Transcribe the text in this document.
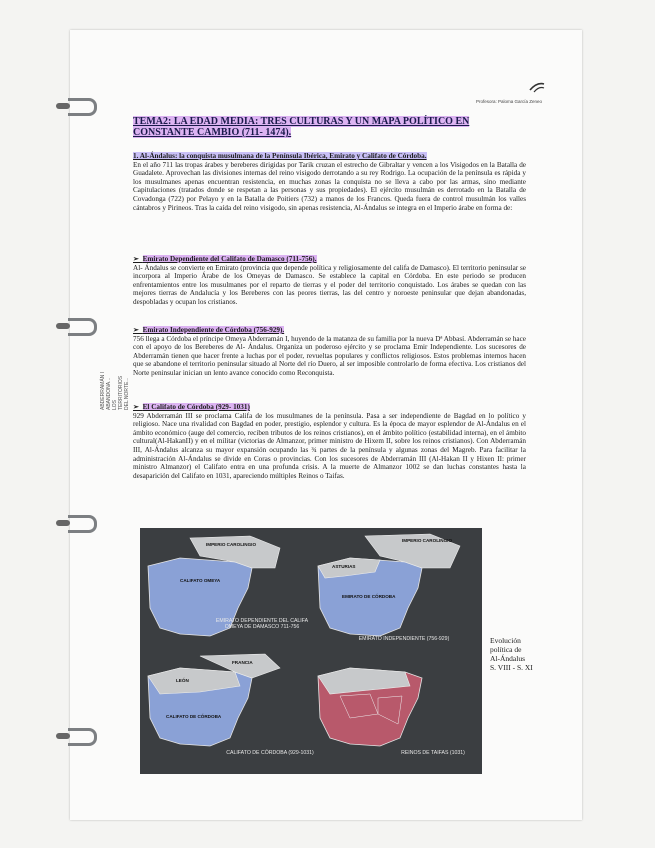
Profesora: Paloma García Zeneo
TEMA2: LA EDAD MEDIA: TRES CULTURAS Y UN MAPA POLÍTICO EN CONSTANTE CAMBIO (711- 1474).
1. Al-Ándalus: la conquista musulmana de la Península Ibérica, Emirato y Califato de Córdoba.
En el año 711 las tropas árabes y bereberes dirigidas por Tarik cruzan el estrecho de Gibraltar y vencen a los Visigodos en la Batalla de Guadalete. Aprovechan las divisiones internas del reino visigodo derrotando a su rey Rodrigo. La ocupación de la península es rápida y los musulmanes apenas encuentran resistencia, en muchas zonas la conquista no se lleva a cabo por las armas, sino mediante Capitulaciones (tratados donde se respetan a las personas y sus propiedades). El ejército musulmán es derrotado en la Batalla de Covadonga (722) por Pelayo y en la Batalla de Poitiers (732) a manos de los Francos. Queda fuera de control musulmán los valles cántabros y Pirineos. Tras la caída del reino visigodo, sin apenas resistencia, Al-Ándalus se integra en el Imperio árabe en forma de:
➢  Emirato Dependiente del Califato de Damasco (711-756).
Al- Ándalus se convierte en Emirato (provincia que depende política y religiosamente del califa de Damasco). El territorio peninsular se incorpora al Imperio Árabe de los Omeyas de Damasco. Se establece la capital en Córdoba. En este periodo se producen enfrentamientos entre los musulmanes por el reparto de tierras y el poder del territorio conquistado. Los árabes se quedan con las mejores tierras de Andalucía y los Bereberes con las peores tierras, las del centro y noroeste peninsular que dejan abandonadas, despobladas y ocupan los cristianos.
➢  Emirato Independiente de Córdoba (756-929).
756 llega a Córdoba el príncipe Omeya Abderramán I, huyendo de la matanza de su familia por la nueva Dª Abbasí. Abderramán se hace con el apoyo de los Bereberes de Al- Ándalus. Organiza un poderoso ejército y se proclama Emir Independiente. Los sucesores de Abderramán tienen que hacer frente a luchas por el poder, revueltas populares y conflictos religiosos. Estos problemas internos hacen que se abandone el territorio peninsular situado al Norte del río Duero, al ser imposible controlarlo de forma efectiva. Los cristianos del Norte peninsular inician un lento avance conocido como Reconquista.
➢  El Califato de Córdoba (929- 1031)
929 Abderramán III se proclama Califa de los musulmanes de la península. Pasa a ser independiente de Bagdad en lo político y religioso. Nace una rivalidad con Bagdad en poder, prestigio, esplendor y cultura. Es la época de mayor esplendor de Al-Ándalus en el ámbito económico (auge del comercio, reciben tributos de los reinos cristianos), en el ámbito político (estabilidad interna), en el ámbito cultural(Al-HakanII) y en el militar (victorias de Almanzor, primer ministro de Hixem II, sobre los reinos cristianos). Con Abderramán III, Al-Ándalus alcanza su mayor expansión ocupando las ¾ partes de la península y algunas zonas del Magreb. Para facilitar la administración Al-Ándalus se divide en Coras o provincias. Con los sucesores de Abderramán III (Al-Hakan II y Hixen II: primer ministro Almanzor) el Califato entra en una profunda crisis. A la muerte de Almanzor 1002 se dan luchas constantes hasta la desaparición del Califato en 1031, apareciendo múltiples Reinos o Taifas.
ABDERRAMÁN I ABANDONA... LOS TERRITORIOS DEL NORTE...
IMPERIO CAROLINGIO
CALIFATO OMEYA
EMIRATO DEPENDIENTE DEL CALIFA OMEYA DE DAMASCO 711-756
IMPERIO CAROLINGIO
ASTURIAS
EMIRATO DE CÓRDOBA
EMIRATO INDEPENDIENTE (756-929)
FRANCIA
LEÓN
CALIFATO DE CÓRDOBA
CALIFATO DE CÓRDOBA (929-1031)	REINOS DE TAIFAS (1031)
Evolución
política de
Al-Ándalus
S. VIII - S. XI
